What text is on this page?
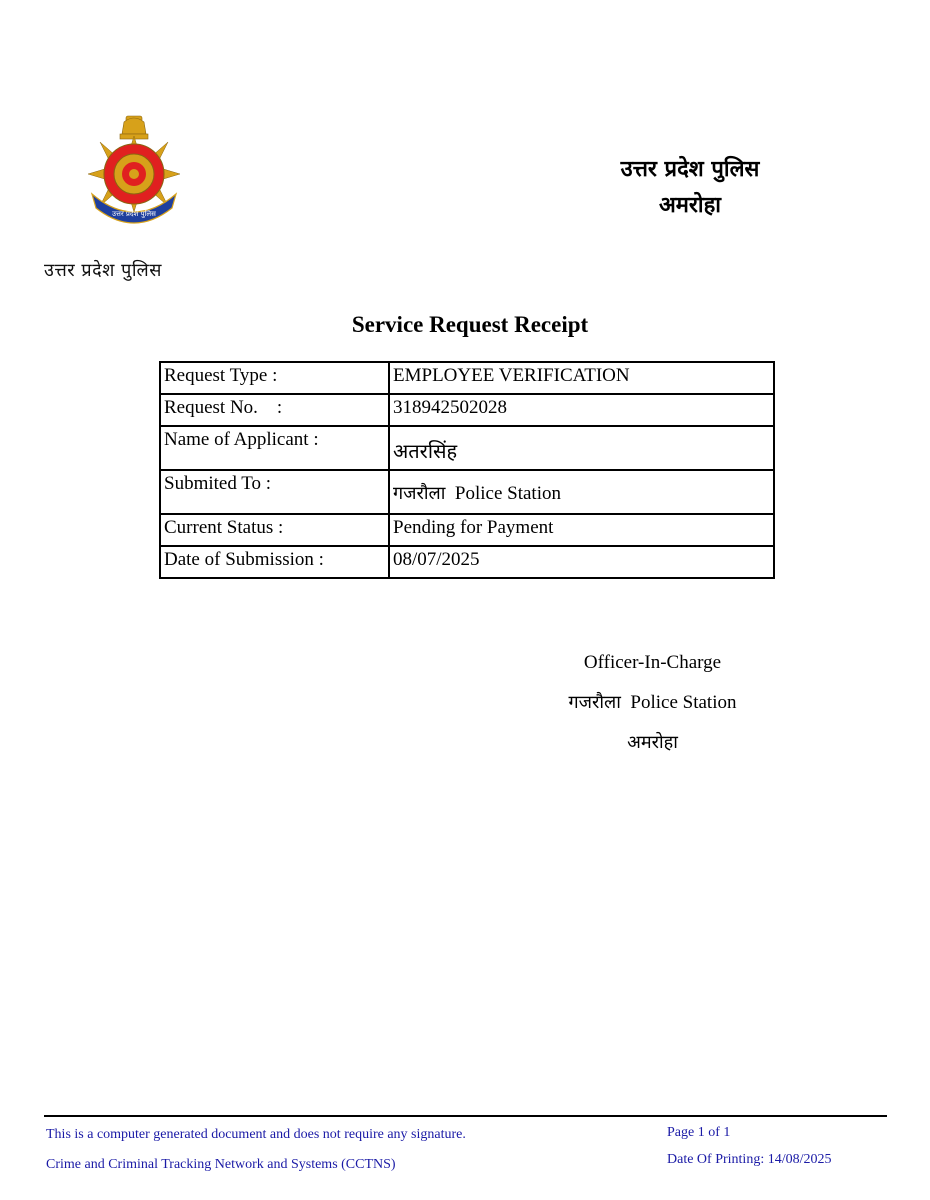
उत्तर प्रदेश पुलिस
उत्तर प्रदेश पुलिस
अमरोहा
उत्तर प्रदेश पुलिस
Service Request Receipt
Request Type :	EMPLOYEE VERIFICATION
Request No.    :	318942502028
Name of Applicant :	अतरसिंह
Submited To :	गजरौला Police Station
Current Status :	Pending for Payment
Date of Submission :	08/07/2025
Officer-In-Charge
गजरौला Police Station
अमरोहा
This is a computer generated document and does not require any signature.
Crime and Criminal Tracking Network and Systems (CCTNS)
Page 1 of 1
Date Of Printing: 14/08/2025
